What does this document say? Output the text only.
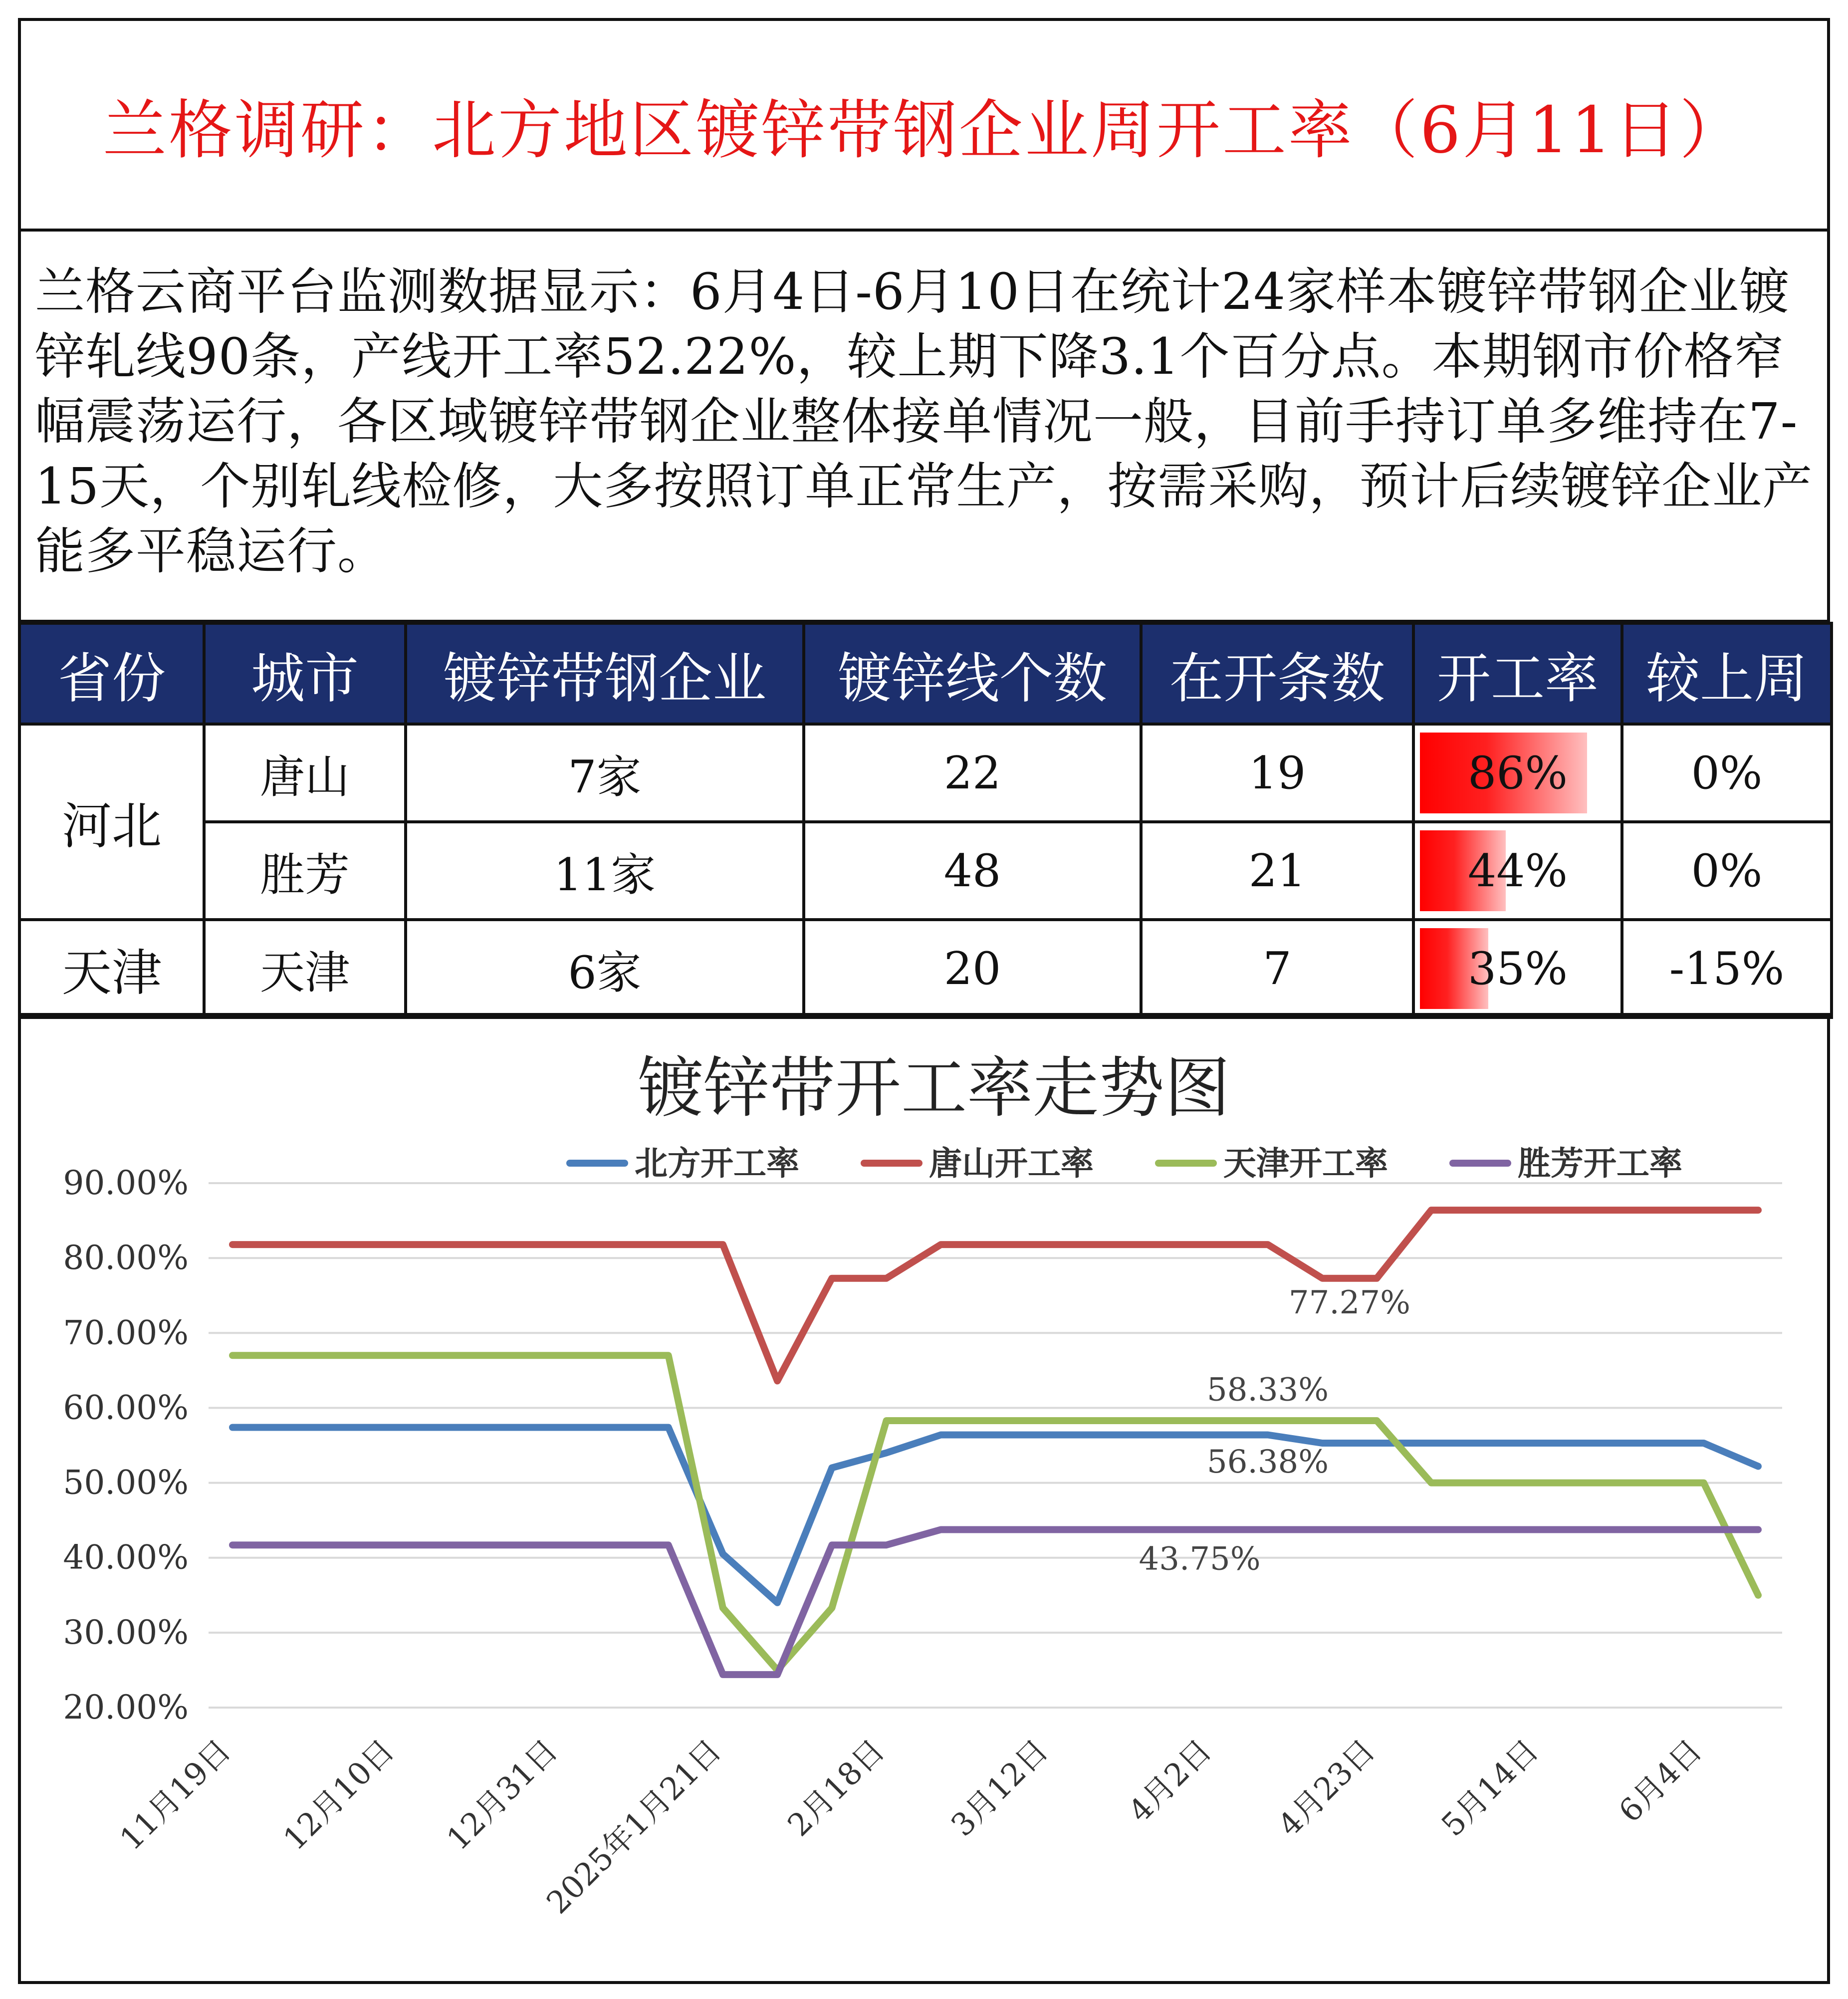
兰格调研：北方地区镀锌带钢企业周开工率（6月11日）
兰格云商平台监测数据显示：6月4日-6月10日在统计24家样本镀锌带钢企业镀锌轧线90条，产线开工率52.22%，较上期下降3.1个百分点。本期钢市价格窄幅震荡运行，各区域镀锌带钢企业整体接单情况一般，目前手持订单多维持在7-15天，个别轧线检修，大多按照订单正常生产，按需采购，预计后续镀锌企业产能多平稳运行。
省份	城市	镀锌带钢企业	镀锌线个数	在开条数	开工率	较上周
河北	唐山	7家	22	19	86%	0%
	胜芳	11家	48	21	44%	0%
天津	天津	6家	20	7	35%	-15%
镀锌带开工率走势图
20.00%
30.00%
40.00%
50.00%
60.00%
70.00%
80.00%
90.00%
11月19日 12月10日 12月31日
2025年1月21日 2月18日 3月12日 4月2日 4月23日 5月14日 6月4日
北方开工率	唐山开工率	天津开工率	胜芳开工率
77.27%
58.33%
56.38%
43.75%
